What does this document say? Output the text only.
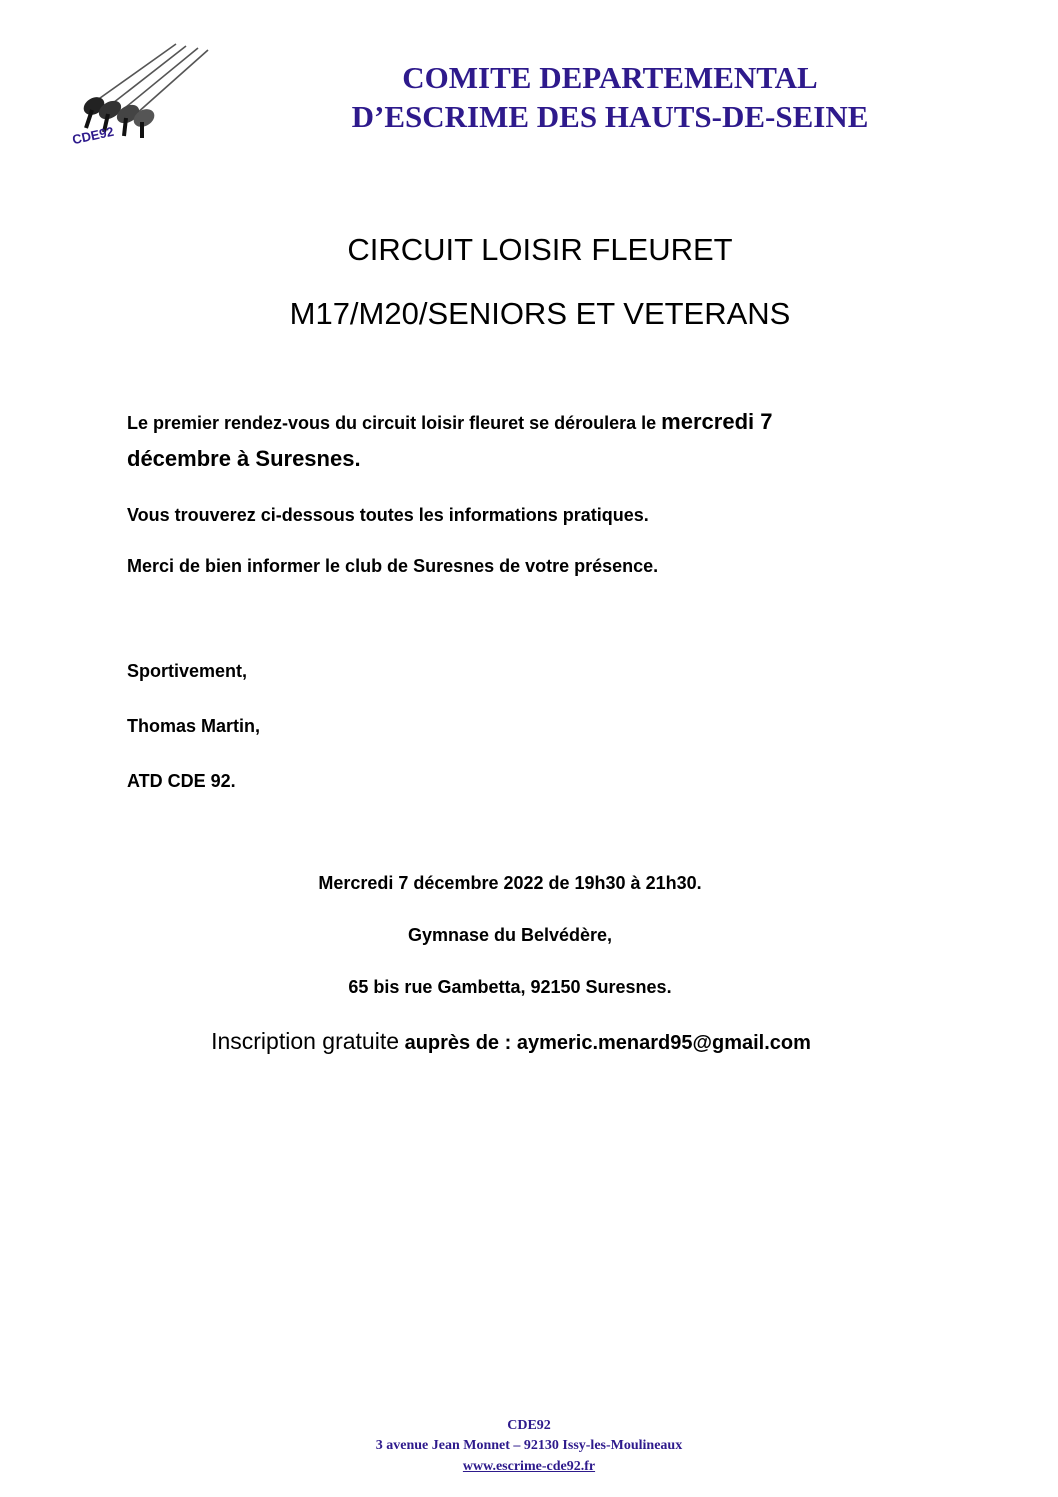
CDE92
COMITE DEPARTEMENTAL
D’ESCRIME DES HAUTS-DE-SEINE
CIRCUIT LOISIR FLEURET
M17/M20/SENIORS ET VETERANS
Le premier rendez-vous du circuit loisir fleuret se déroulera le mercredi 7
décembre à Suresnes.
Vous trouverez ci-dessous toutes les informations pratiques.
Merci de bien informer le club de Suresnes de votre présence.
Sportivement,
Thomas Martin,
ATD CDE 92.
Mercredi 7 décembre 2022 de 19h30 à 21h30.
Gymnase du Belvédère,
65 bis rue Gambetta, 92150 Suresnes.
Inscription gratuite auprès de : aymeric.menard95@gmail.com
CDE92
3 avenue Jean Monnet – 92130 Issy-les-Moulineaux
www.escrime-cde92.fr
